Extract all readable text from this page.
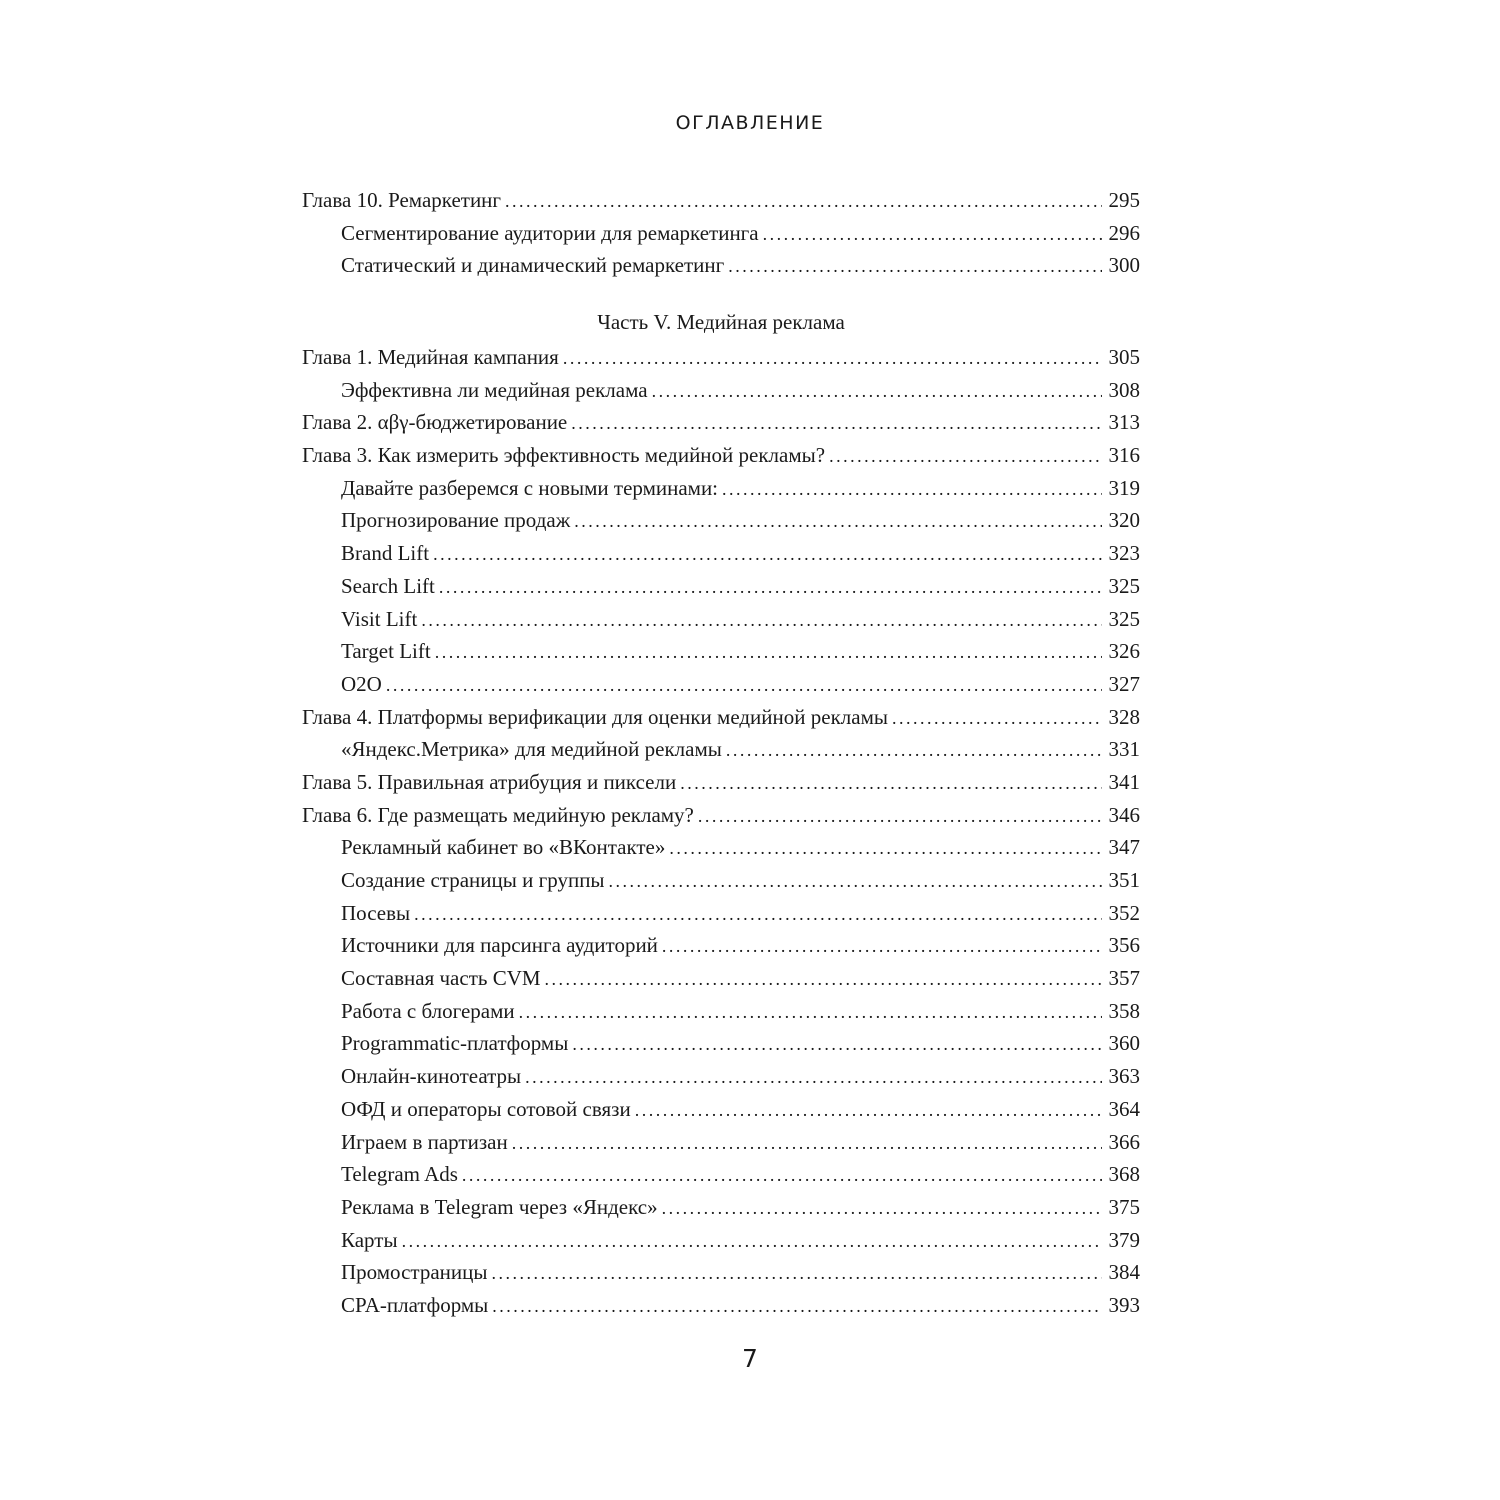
ОГЛАВЛЕНИЕ
Глава 10. Ремаркетинг . . .	295
Сегментирование аудитории для ремаркетинга . . .	296
Статический и динамический ремаркетинг . . .	300
Часть V. Медийная реклама
Глава 1. Медийная кампания . . .	305
Эффективна ли медийная реклама . . .	308
Глава 2. αβγ-бюджетирование . . .	313
Глава 3. Как измерить эффективность медийной рекламы? . . .	316
Давайте разберемся с новыми терминами: . . .	319
Прогнозирование продаж . . .	320
Brand Lift . . .	323
Search Lift . . .	325
Visit Lift . . .	325
Target Lift . . .	326
O2O . . .	327
Глава 4. Платформы верификации для оценки медийной рекламы . . .	328
«Яндекс.Метрика» для медийной рекламы . . .	331
Глава 5. Правильная атрибуция и пиксели . . .	341
Глава 6. Где размещать медийную рекламу? . . .	346
Рекламный кабинет во «ВКонтакте» . . .	347
Создание страницы и группы . . .	351
Посевы . . .	352
Источники для парсинга аудиторий . . .	356
Составная часть CVM . . .	357
Работа с блогерами . . .	358
Programmatic-платформы . . .	360
Онлайн-кинотеатры . . .	363
ОФД и операторы сотовой связи . . .	364
Играем в партизан . . .	366
Telegram Ads . . .	368
Реклама в Telegram через «Яндекс» . . .	375
Карты . . .	379
Промостраницы . . .	384
CPA-платформы . . .	393
7
